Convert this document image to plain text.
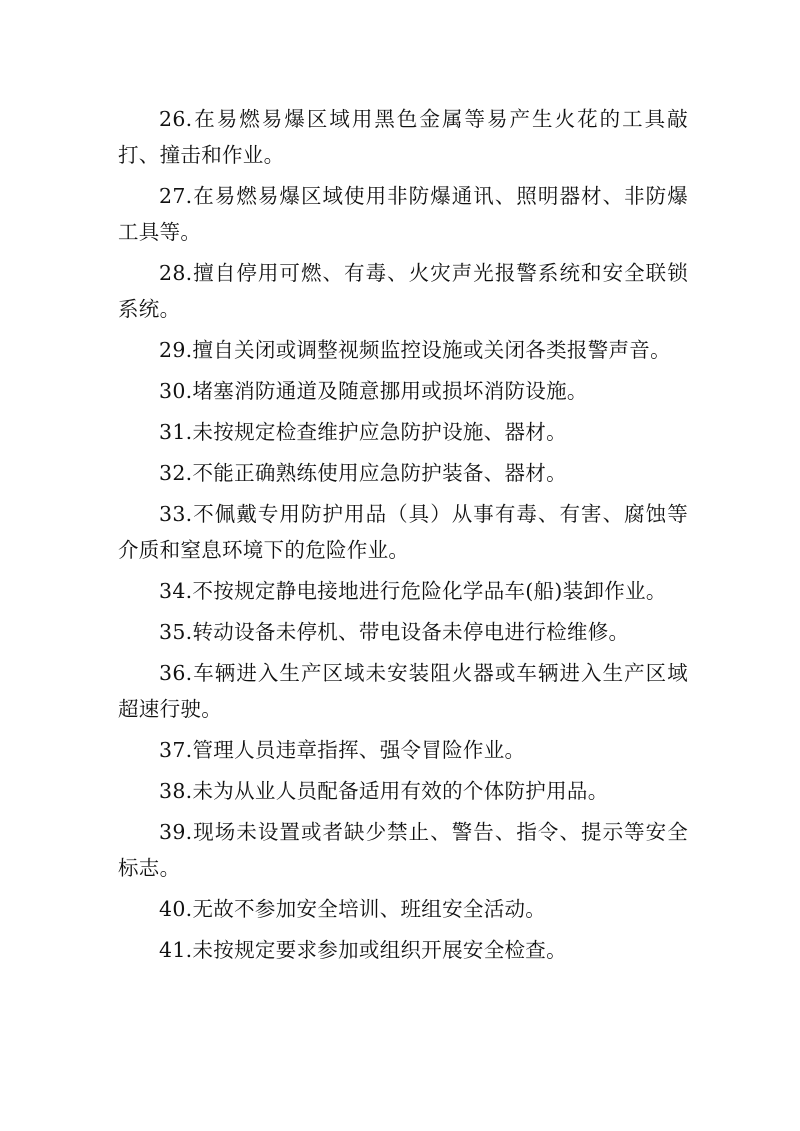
26.在易燃易爆区域用黑色金属等易产生火花的工具敲打、撞击和作业。

27.在易燃易爆区域使用非防爆通讯、照明器材、非防爆工具等。

28.擅自停用可燃、有毒、火灾声光报警系统和安全联锁系统。

29.擅自关闭或调整视频监控设施或关闭各类报警声音。

30.堵塞消防通道及随意挪用或损坏消防设施。

31.未按规定检查维护应急防护设施、器材。

32.不能正确熟练使用应急防护装备、器材。

33.不佩戴专用防护用品（具）从事有毒、有害、腐蚀等介质和窒息环境下的危险作业。

34.不按规定静电接地进行危险化学品车(船)装卸作业。

35.转动设备未停机、带电设备未停电进行检维修。

36.车辆进入生产区域未安装阻火器或车辆进入生产区域超速行驶。

37.管理人员违章指挥、强令冒险作业。

38.未为从业人员配备适用有效的个体防护用品。

39.现场未设置或者缺少禁止、警告、指令、提示等安全标志。

40.无故不参加安全培训、班组安全活动。

41.未按规定要求参加或组织开展安全检查。
